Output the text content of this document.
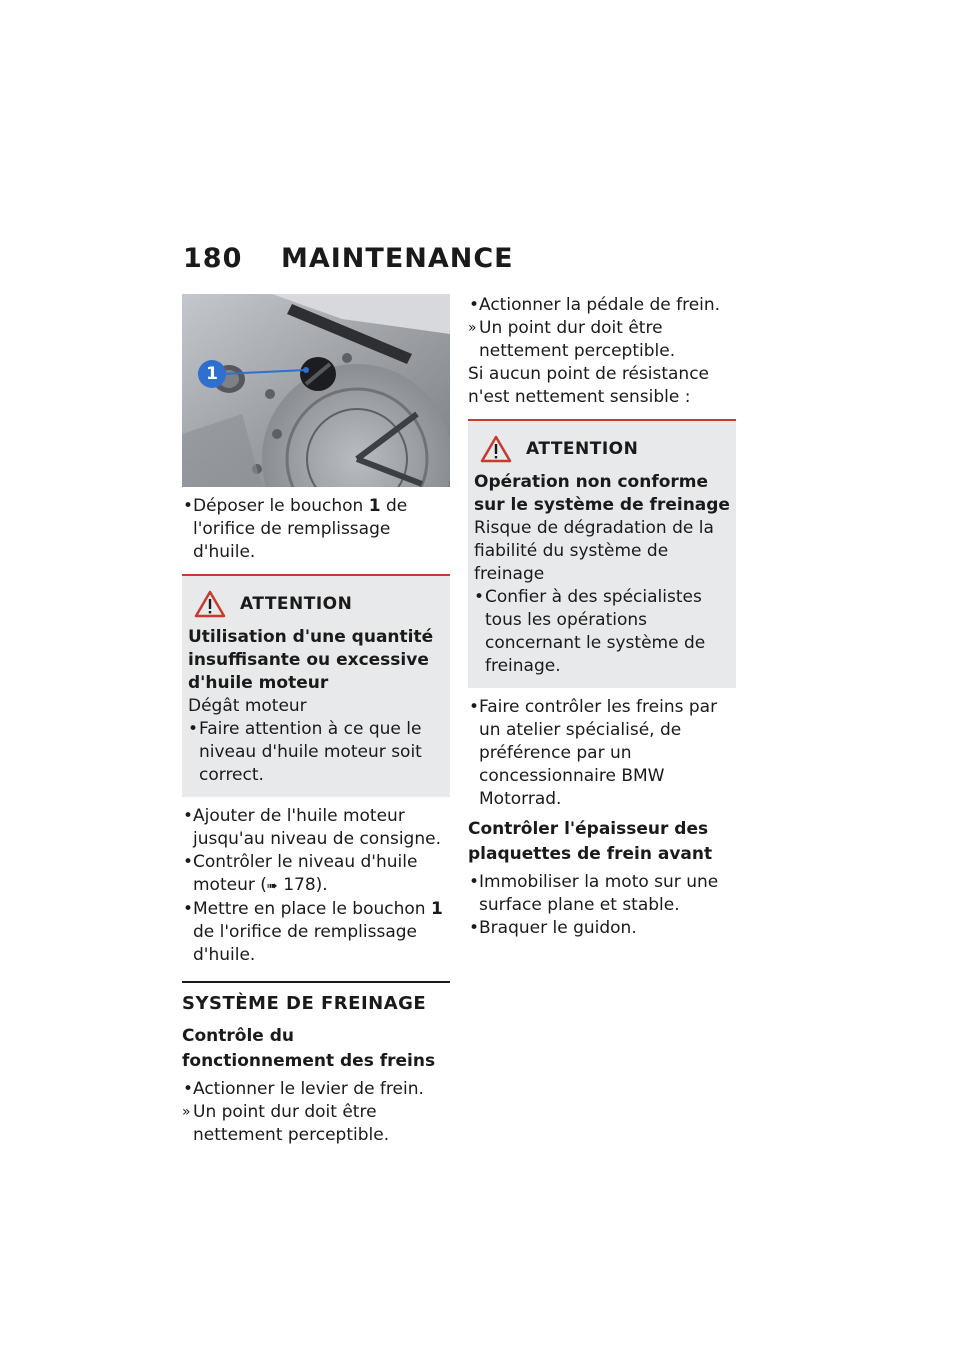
180 MAINTENANCE
1
• Déposer le bouchon 1 de l'orifice de remplissage d'huile.
ATTENTION
Utilisation d'une quantité insuffisante ou excessive d'huile moteur
Dégât moteur
• Faire attention à ce que le niveau d'huile moteur soit correct.
• Ajouter de l'huile moteur jusqu'au niveau de consigne.
• Contrôler le niveau d'huile moteur (➠ 178).
• Mettre en place le bouchon 1 de l'orifice de remplissage d'huile.
SYSTÈME DE FREINAGE
Contrôle du fonctionnement des freins
• Actionner le levier de frein.
» Un point dur doit être nettement perceptible.
• Actionner la pédale de frein.
» Un point dur doit être nettement perceptible.
Si aucun point de résistance n'est nettement sensible :
ATTENTION
Opération non conforme sur le système de freinage
Risque de dégradation de la fiabilité du système de freinage
• Confier à des spécialistes tous les opérations concernant le système de freinage.
• Faire contrôler les freins par un atelier spécialisé, de préférence par un concessionnaire BMW Motorrad.
Contrôler l'épaisseur des plaquettes de frein avant
• Immobiliser la moto sur une surface plane et stable.
• Braquer le guidon.
